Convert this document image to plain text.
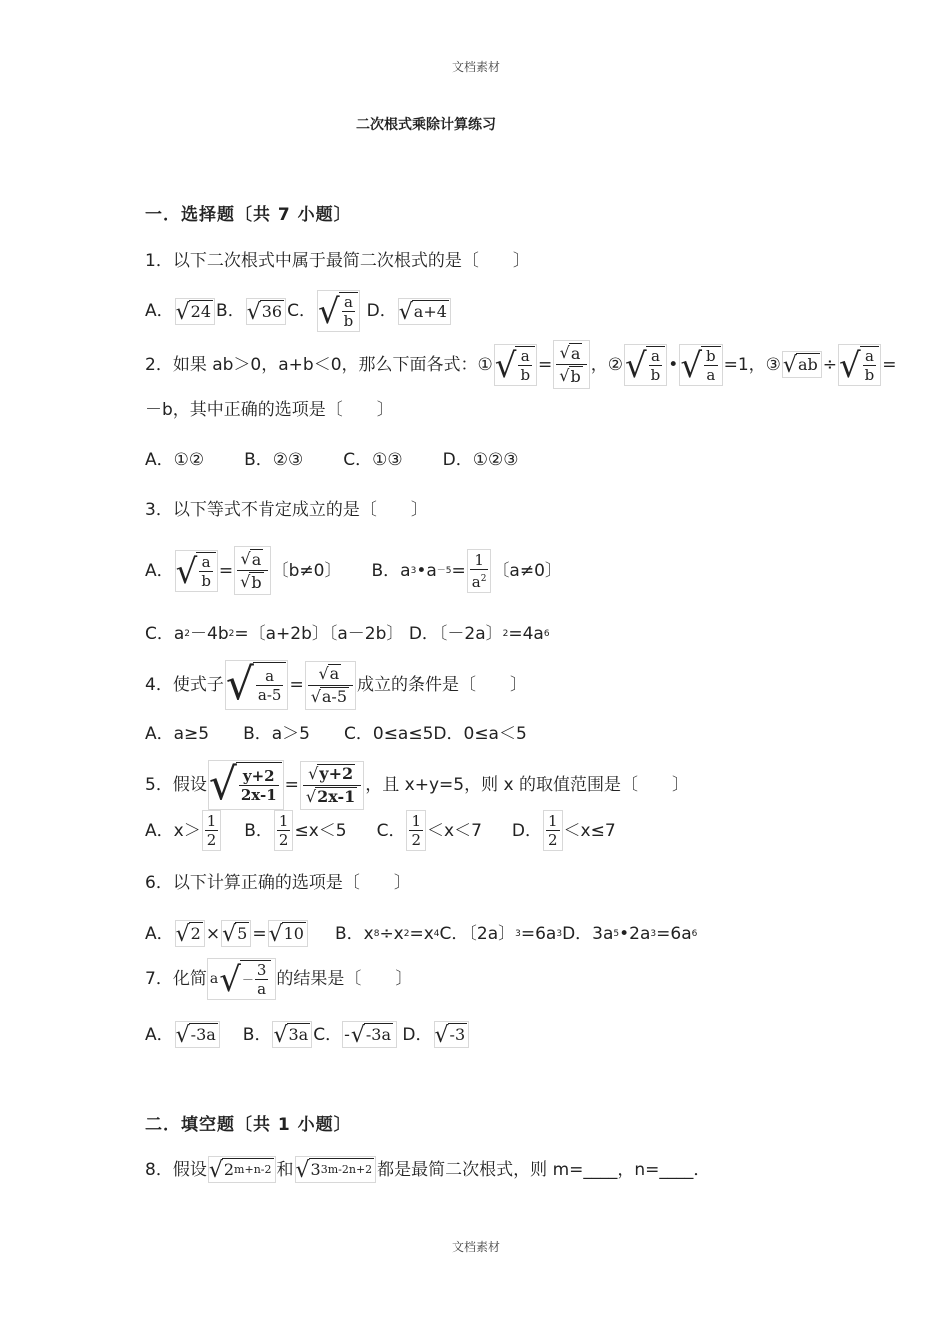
文档素材
二次根式乘除计算练习
一．选择题〔共 7 小题〕
1．以下二次根式中属于最简二次根式的是〔　　〕
A． √ 24 B． √ 36 C． √ $\frac{a}{b}$
D． √ a+4
2．如果 ab＞0，a+b＜0，那么下面各式：① √ $\frac{a}{b} = \frac{√ a}{√ b}$ ，② √ $\frac{a}{b}$ • √ $\frac{b}{a} =1$，③ √ ab ÷ √ $\frac{a}{b}$ =
－b，其中正确的选项是〔　　〕
A．①② B．②③ C．①③ D．①②③
3．以下等式不肯定成立的是〔　　〕
A． √ $\frac{a}{b} = \frac{√ a}{√ b}$ 〔b≠0〕 B．a 3 •a $-5 = \frac{1}{a^2}$ 〔a≠0〕
C．a 2 －4b 2 =〔a+2b〕〔a－2b〕 D．〔－2a〕 2 =4a 6
4．使式子 √ $\frac{a}{a-5} = \frac{√ a}{√ a-5}$ 成立的条件是〔　　〕
A．a≥5　　B．a＞5　　C．0≤a≤5D．0≤a＜5
5．假设 √ $\frac{y+2}{2x-1} = \frac{√ y+2}{√ 2x-1}$ ，且 x+y=5，则 x 的取值范围是〔　　〕
A．$x> \frac{1}{2}$ B． $\frac{1}{2} \le x<5$ C． $\frac{1}{2} <x<7$ D． $\frac{1}{2} <x\le 7$
6．以下计算正确的选项是〔　　〕
A． √ 2 × √ 5 = √ 10 B．x 8 ÷x 2 =x 4 C．〔2a〕 3 =6a 3 D．3a 5 •2a 3 =6a 6
7．化简 a √ － $\frac{3}{a}$ 的结果是〔　　〕
A． √ -3a B． √ 3a C． - √ -3a
D． √ -3
二．填空题〔共 1 小题〕
8．假设 √ 2 m+n-2 和 √ 3 3m-2n+2 都是最简二次根式，则 m=____，n=____．
文档素材
